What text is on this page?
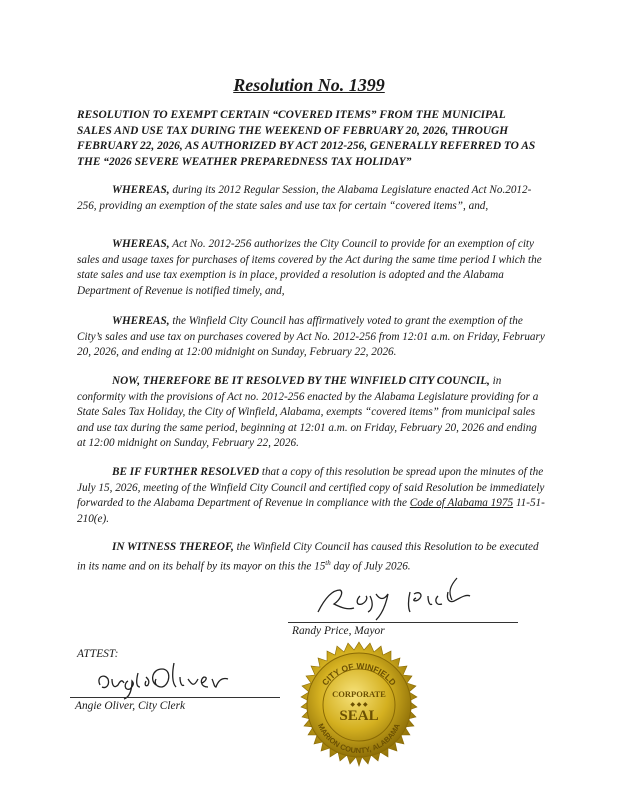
Resolution No. 1399
RESOLUTION TO EXEMPT CERTAIN “COVERED ITEMS” FROM THE MUNICIPAL SALES AND USE TAX DURING THE WEEKEND OF FEBRUARY 20, 2026, THROUGH FEBRUARY 22, 2026, AS AUTHORIZED BY ACT 2012-256, GENERALLY REFERRED TO AS THE “2026 SEVERE WEATHER PREPAREDNESS TAX HOLIDAY”
WHEREAS, during its 2012 Regular Session, the Alabama Legislature enacted Act No.2012-256, providing an exemption of the state sales and use tax for certain “covered items”, and,
WHEREAS, Act No. 2012-256 authorizes the City Council to provide for an exemption of city sales and usage taxes for purchases of items covered by the Act during the same time period I which the state sales and use tax exemption is in place, provided a resolution is adopted and the Alabama Department of Revenue is notified timely, and,
WHEREAS, the Winfield City Council has affirmatively voted to grant the exemption of the City’s sales and use tax on purchases covered by Act No. 2012-256 from 12:01 a.m. on Friday, February 20, 2026, and ending at 12:00 midnight on Sunday, February 22, 2026.
NOW, THEREFORE BE IT RESOLVED BY THE WINFIELD CITY COUNCIL, in conformity with the provisions of Act no. 2012-256 enacted by the Alabama Legislature providing for a State Sales Tax Holiday, the City of Winfield, Alabama, exempts “covered items” from municipal sales and use tax during the same period, beginning at 12:01 a.m. on Friday, February 20, 2026 and ending at 12:00 midnight on Sunday, February 22, 2026.
BE IF FURTHER RESOLVED that a copy of this resolution be spread upon the minutes of the July 15, 2026, meeting of the Winfield City Council and certified copy of said Resolution be immediately forwarded to the Alabama Department of Revenue in compliance with the Code of Alabama 1975 11-51-210(e).
IN WITNESS THEREOF, the Winfield City Council has caused this Resolution to be executed in its name and on its behalf by its mayor on this the 15th day of July 2026.
Randy Price, Mayor
ATTEST:
Angie Oliver, City Clerk
CITY OF WINFIELD
MARION COUNTY, ALABAMA
CORPORATE
◆ ◆ ◆
SEAL
